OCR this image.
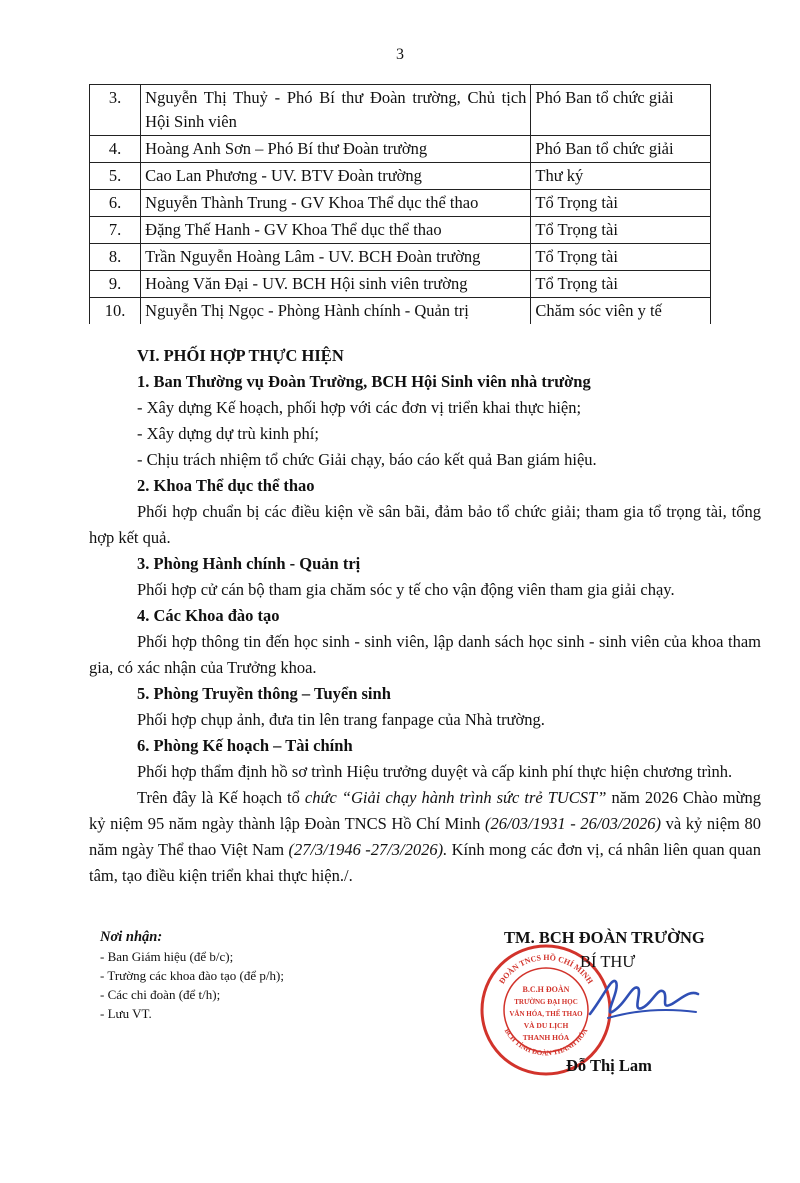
3
3.	Nguyễn Thị Thuỷ - Phó Bí thư Đoàn trường, Chủ tịch Hội Sinh viên	Phó Ban tổ chức giải
4.	Hoàng Anh Sơn – Phó Bí thư Đoàn trường	Phó Ban tổ chức giải
5.	Cao Lan Phương - UV. BTV Đoàn trường	Thư ký
6.	Nguyễn Thành Trung - GV Khoa Thể dục thể thao	Tổ Trọng tài
7.	Đặng Thế Hanh - GV Khoa Thể dục thể thao	Tổ Trọng tài
8.	Trần Nguyễn Hoàng Lâm - UV. BCH Đoàn trường	Tổ Trọng tài
9.	Hoàng Văn Đại - UV. BCH Hội sinh viên trường	Tổ Trọng tài
10.	Nguyễn Thị Ngọc - Phòng Hành chính - Quản trị	Chăm sóc viên y tế

VI. PHỐI HỢP THỰC HIỆN

1. Ban Thường vụ Đoàn Trường, BCH Hội Sinh viên nhà trường

- Xây dựng Kế hoạch, phối hợp với các đơn vị triển khai thực hiện;

- Xây dựng dự trù kinh phí;

- Chịu trách nhiệm tổ chức Giải chạy, báo cáo kết quả Ban giám hiệu.

2. Khoa Thể dục thể thao

Phối hợp chuẩn bị các điều kiện về sân bãi, đảm bảo tổ chức giải; tham gia tổ trọng tài, tổng hợp kết quả.

3. Phòng Hành chính - Quản trị

Phối hợp cử cán bộ tham gia chăm sóc y tế cho vận động viên tham gia giải chạy.

4. Các Khoa đào tạo

Phối hợp thông tin đến học sinh - sinh viên, lập danh sách học sinh - sinh viên của khoa tham gia, có xác nhận của Trưởng khoa.

5. Phòng Truyền thông – Tuyển sinh

Phối hợp chụp ảnh, đưa tin lên trang fanpage của Nhà trường.

6. Phòng Kế hoạch – Tài chính

Phối hợp thẩm định hồ sơ trình Hiệu trưởng duyệt và cấp kinh phí thực hiện chương trình.

Trên đây là Kế hoạch tổ chức “Giải chạy hành trình sức trẻ TUCST” năm 2026 Chào mừng kỷ niệm 95 năm ngày thành lập Đoàn TNCS Hồ Chí Minh (26/03/1931 - 26/03/2026) và kỷ niệm 80 năm ngày Thể thao Việt Nam (27/3/1946 -27/3/2026). Kính mong các đơn vị, cá nhân liên quan quan tâm, tạo điều kiện triển khai thực hiện./.

Nơi nhận:

- Ban Giám hiệu (để b/c);

- Trường các khoa đào tạo (để p/h);

- Các chi đoàn (để t/h);

- Lưu VT.

ĐOÀN TNCS HỒ CHÍ MINH
BCH TỈNH ĐOÀN THANH HÓA
B.C.H ĐOÀN
TRƯỜNG ĐẠI HỌC
VĂN HÓA, THỂ THAO
VÀ DU LỊCH
THANH HÓA
TM. BCH ĐOÀN TRƯỜNG
BÍ THƯ
Đỗ Thị Lam
